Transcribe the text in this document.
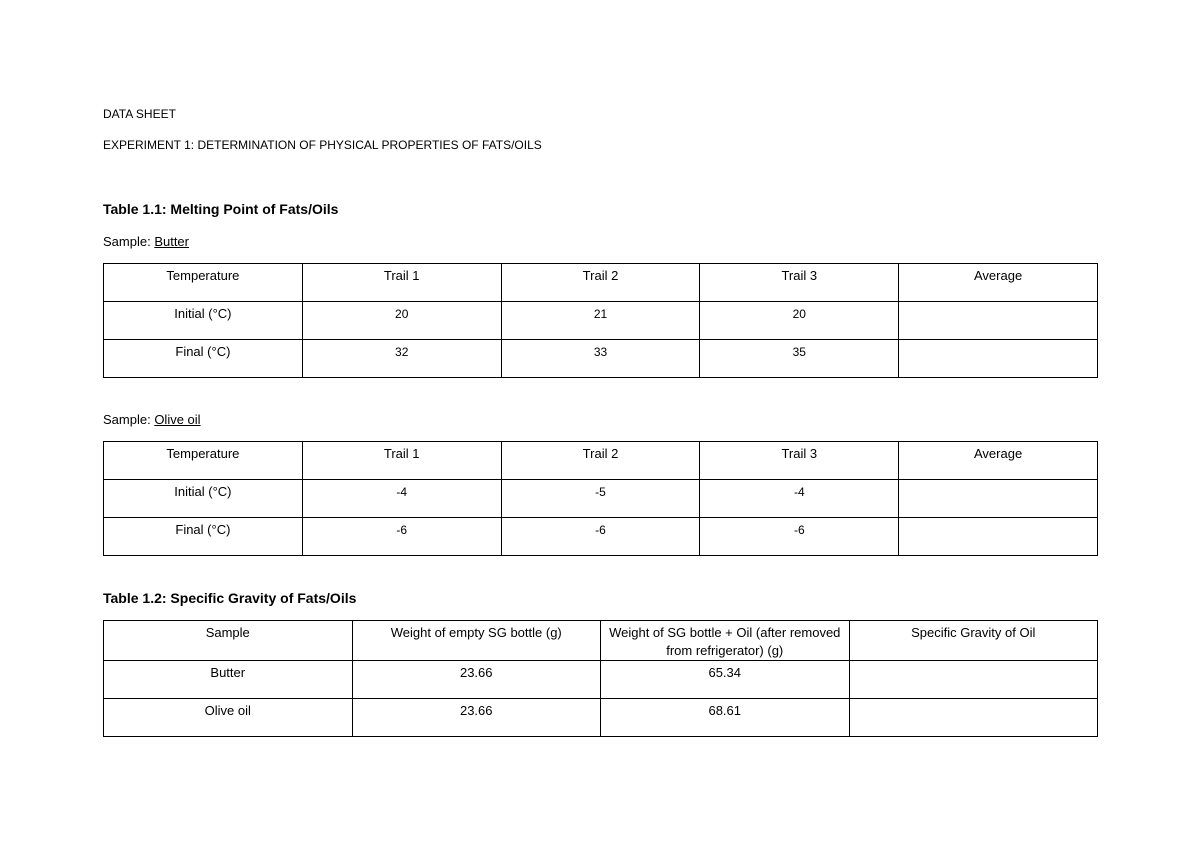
DATA SHEET
EXPERIMENT 1: DETERMINATION OF PHYSICAL PROPERTIES OF FATS/OILS
Table 1.1: Melting Point of Fats/Oils
Sample: Butter
Temperature	Trail 1	Trail 2	Trail 3	Average
Initial (°C)	20	21	20	
Final (°C)	32	33	35	
Sample: Olive oil
Temperature	Trail 1	Trail 2	Trail 3	Average
Initial (°C)	-4	-5	-4	
Final (°C)	-6	-6	-6	
Table 1.2: Specific Gravity of Fats/Oils
Sample	Weight of empty SG bottle (g)	Weight of SG bottle + Oil (after removed from refrigerator) (g)	Specific Gravity of Oil
Butter	23.66	65.34	
Olive oil	23.66	68.61	
